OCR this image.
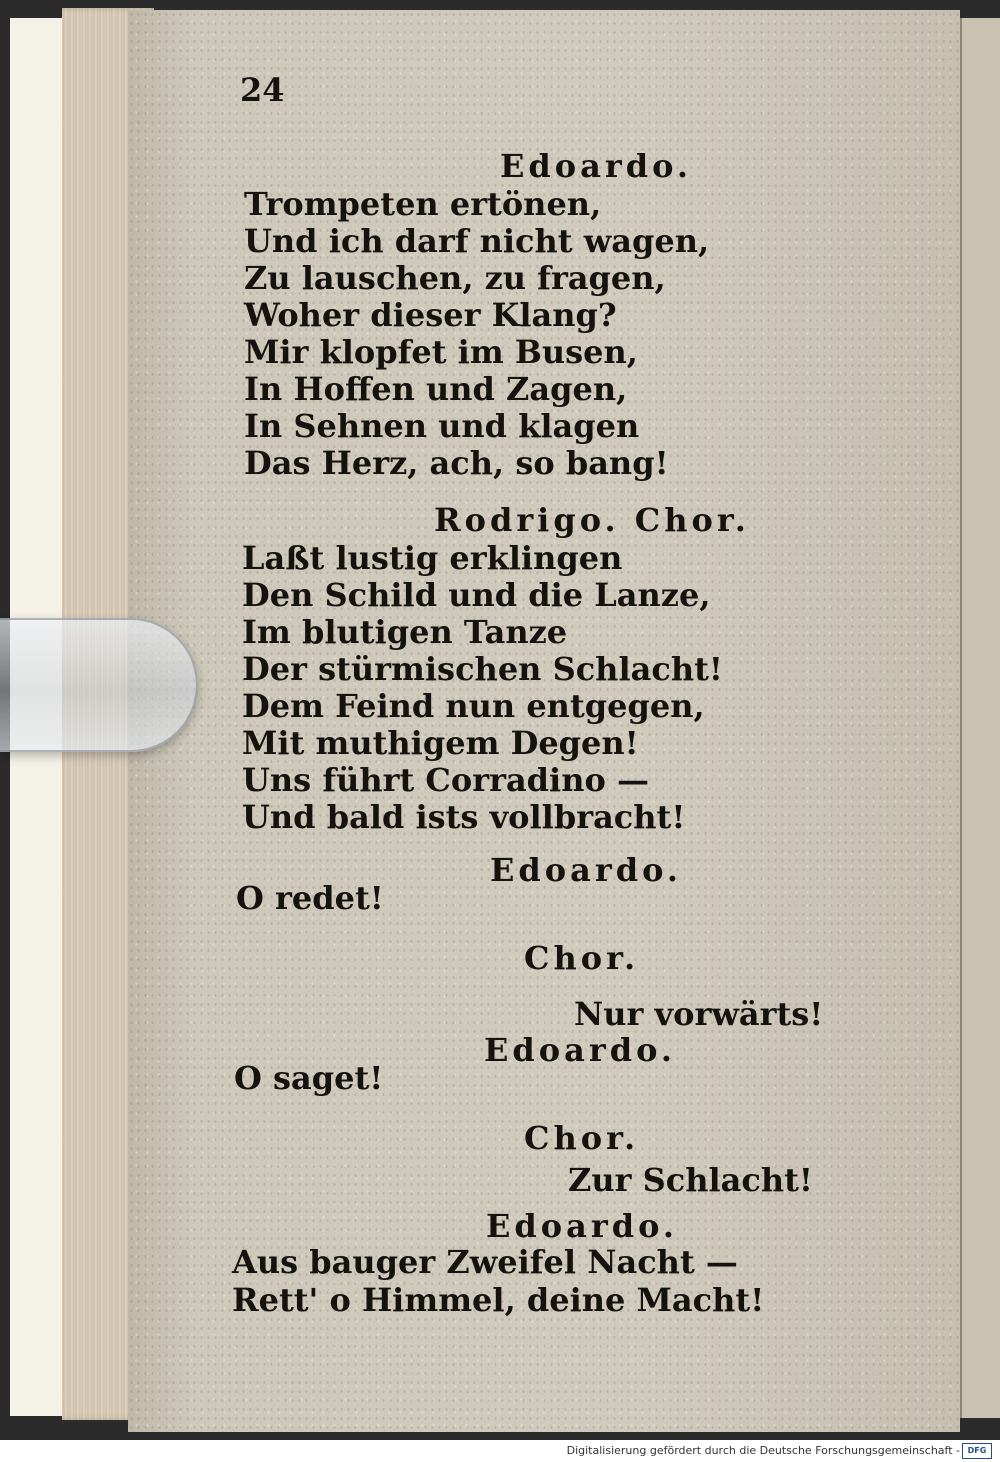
24
Edoardo.
Trompeten ertönen,
Und ich darf nicht wagen,
Zu lauschen, zu fragen,
Woher dieser Klang?
Mir klopfet im Busen,
In Hoffen und Zagen,
In Sehnen und klagen
Das Herz, ach, so bang!
Rodrigo. Chor.
Laßt lustig erklingen
Den Schild und die Lanze,
Im blutigen Tanze
Der stürmischen Schlacht!
Dem Feind nun entgegen,
Mit muthigem Degen!
Uns führt Corradino —
Und bald ists vollbracht!
Edoardo.
O redet!
Chor.
Nur vorwärts!
Edoardo.
O saget!
Chor.
Zur Schlacht!
Edoardo.
Aus bauger Zweifel Nacht —
Rett' o Himmel, deine Macht!
Digitalisierung gefördert durch die Deutsche Forschungsgemeinschaft - DFG
